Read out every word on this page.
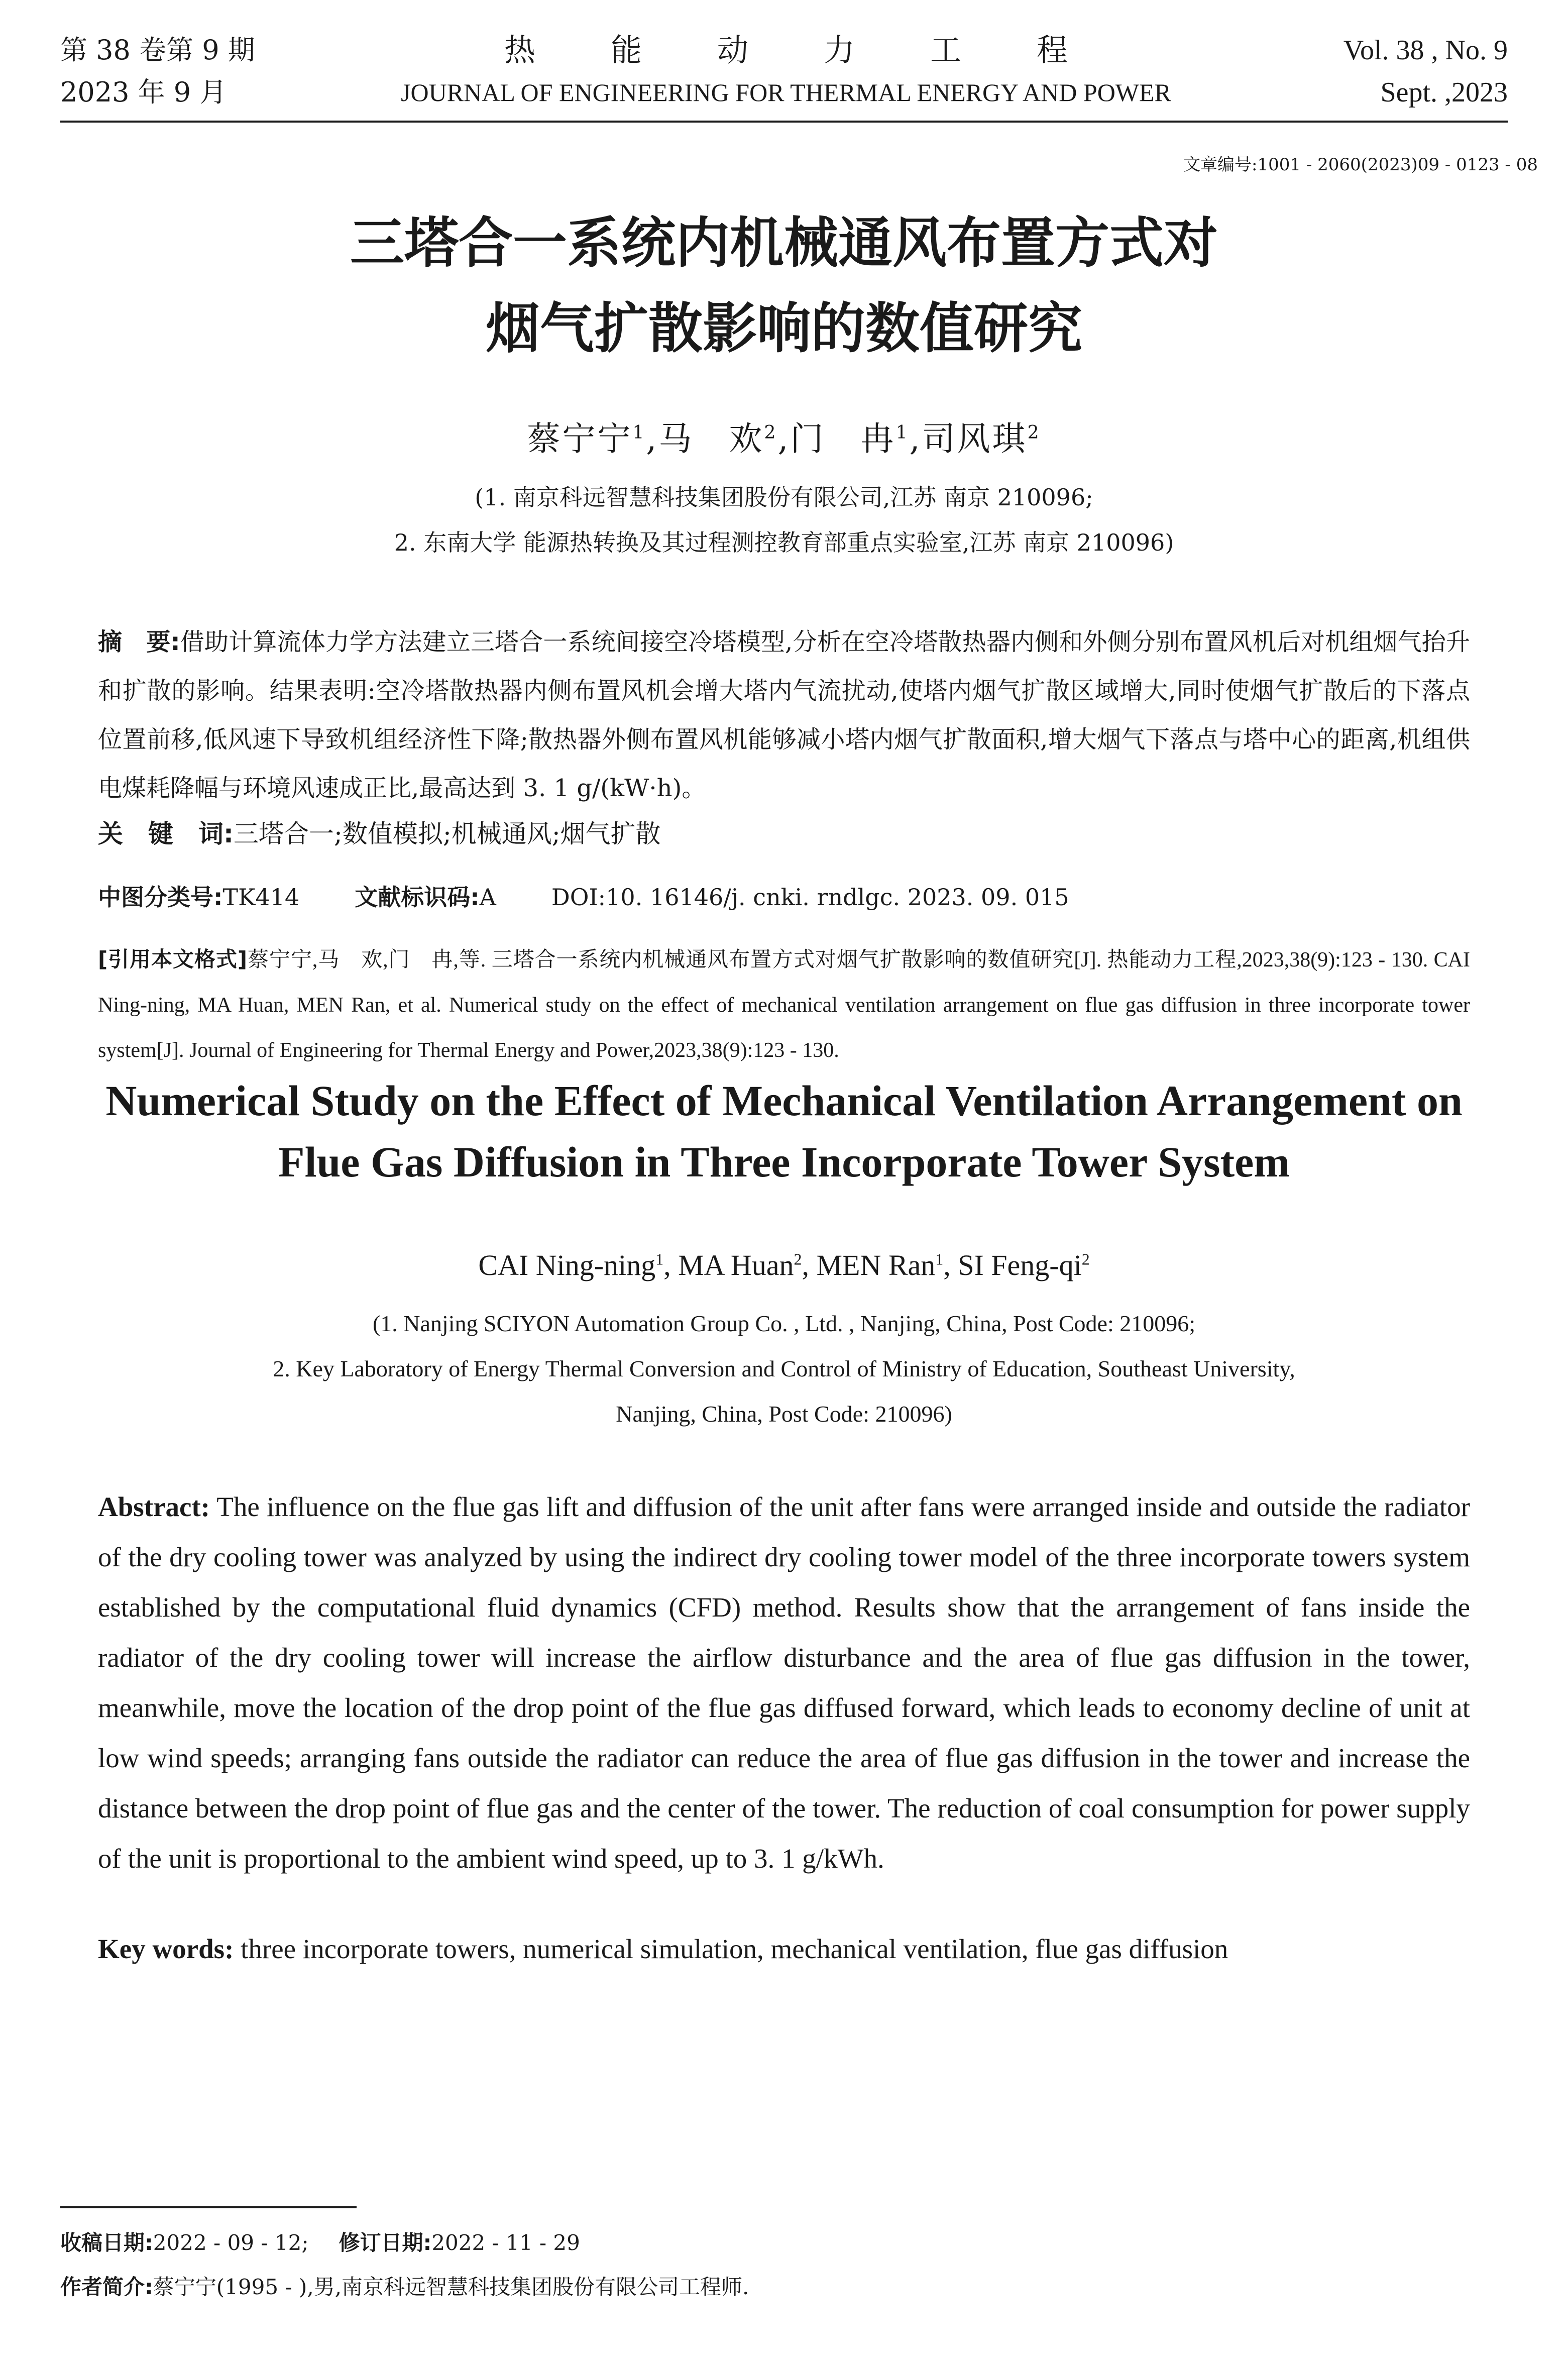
第 38 卷第 9 期
2023 年 9 月
热能动力工程
JOURNAL OF ENGINEERING FOR THERMAL ENERGY AND POWER
Vol. 38 , No. 9
Sept. ,2023
文章编号:1001 - 2060(2023)09 - 0123 - 08
三塔合一系统内机械通风布置方式对
烟气扩散影响的数值研究
蔡宁宁$^1$,马　欢$^2$,门　冉$^1$,司风琪$^2$
(1. 南京科远智慧科技集团股份有限公司,江苏 南京 210096;
2. 东南大学 能源热转换及其过程测控教育部重点实验室,江苏 南京 210096)
摘　要:借助计算流体力学方法建立三塔合一系统间接空冷塔模型,分析在空冷塔散热器内侧和外侧分别布置风机后对机组烟气抬升和扩散的影响。结果表明:空冷塔散热器内侧布置风机会增大塔内气流扰动,使塔内烟气扩散区域增大,同时使烟气扩散后的下落点位置前移,低风速下导致机组经济性下降;散热器外侧布置风机能够减小塔内烟气扩散面积,增大烟气下落点与塔中心的距离,机组供电煤耗降幅与环境风速成正比,最高达到 3. 1 g/(kW·h)。
关　键　词:三塔合一;数值模拟;机械通风;烟气扩散
中图分类号:TK414 文献标识码:A DOI:10. 16146/j. cnki. rndlgc. 2023. 09. 015
[引用本文格式]蔡宁宁,马　欢,门　冉,等. 三塔合一系统内机械通风布置方式对烟气扩散影响的数值研究[J]. 热能动力工程,2023,38(9):123 - 130. CAI Ning-ning, MA Huan, MEN Ran, et al. Numerical study on the effect of mechanical ventilation arrangement on flue gas diffusion in three incorporate tower system[J]. Journal of Engineering for Thermal Energy and Power,2023,38(9):123 - 130.
Numerical Study on the Effect of Mechanical Ventilation Arrangement on
Flue Gas Diffusion in Three Incorporate Tower System
CAI Ning-ning$^1$, MA Huan$^2$, MEN Ran$^1$, SI Feng-$qi^2$
(1. Nanjing SCIYON Automation Group Co. , Ltd. , Nanjing, China, Post Code: 210096;
2. Key Laboratory of Energy Thermal Conversion and Control of Ministry of Education, Southeast University,
Nanjing, China, Post Code: 210096)
Abstract: The influence on the flue gas lift and diffusion of the unit after fans were arranged inside and outside the radiator of the dry cooling tower was analyzed by using the indirect dry cooling tower model of the three incorporate towers system established by the computational fluid dynamics (CFD) method. Results show that the arrangement of fans inside the radiator of the dry cooling tower will increase the airflow disturbance and the area of flue gas diffusion in the tower, meanwhile, move the location of the drop point of the flue gas diffused forward, which leads to economy decline of unit at low wind speeds; arranging fans outside the radiator can reduce the area of flue gas diffusion in the tower and increase the distance between the drop point of flue gas and the center of the tower. The reduction of coal consumption for power supply of the unit is proportional to the ambient wind speed, up to 3. 1 g/kWh.
Key words: three incorporate towers, numerical simulation, mechanical ventilation, flue gas diffusion
收稿日期:2022 - 09 - 12; 修订日期:2022 - 11 - 29
作者简介:蔡宁宁(1995 - ),男,南京科远智慧科技集团股份有限公司工程师.
